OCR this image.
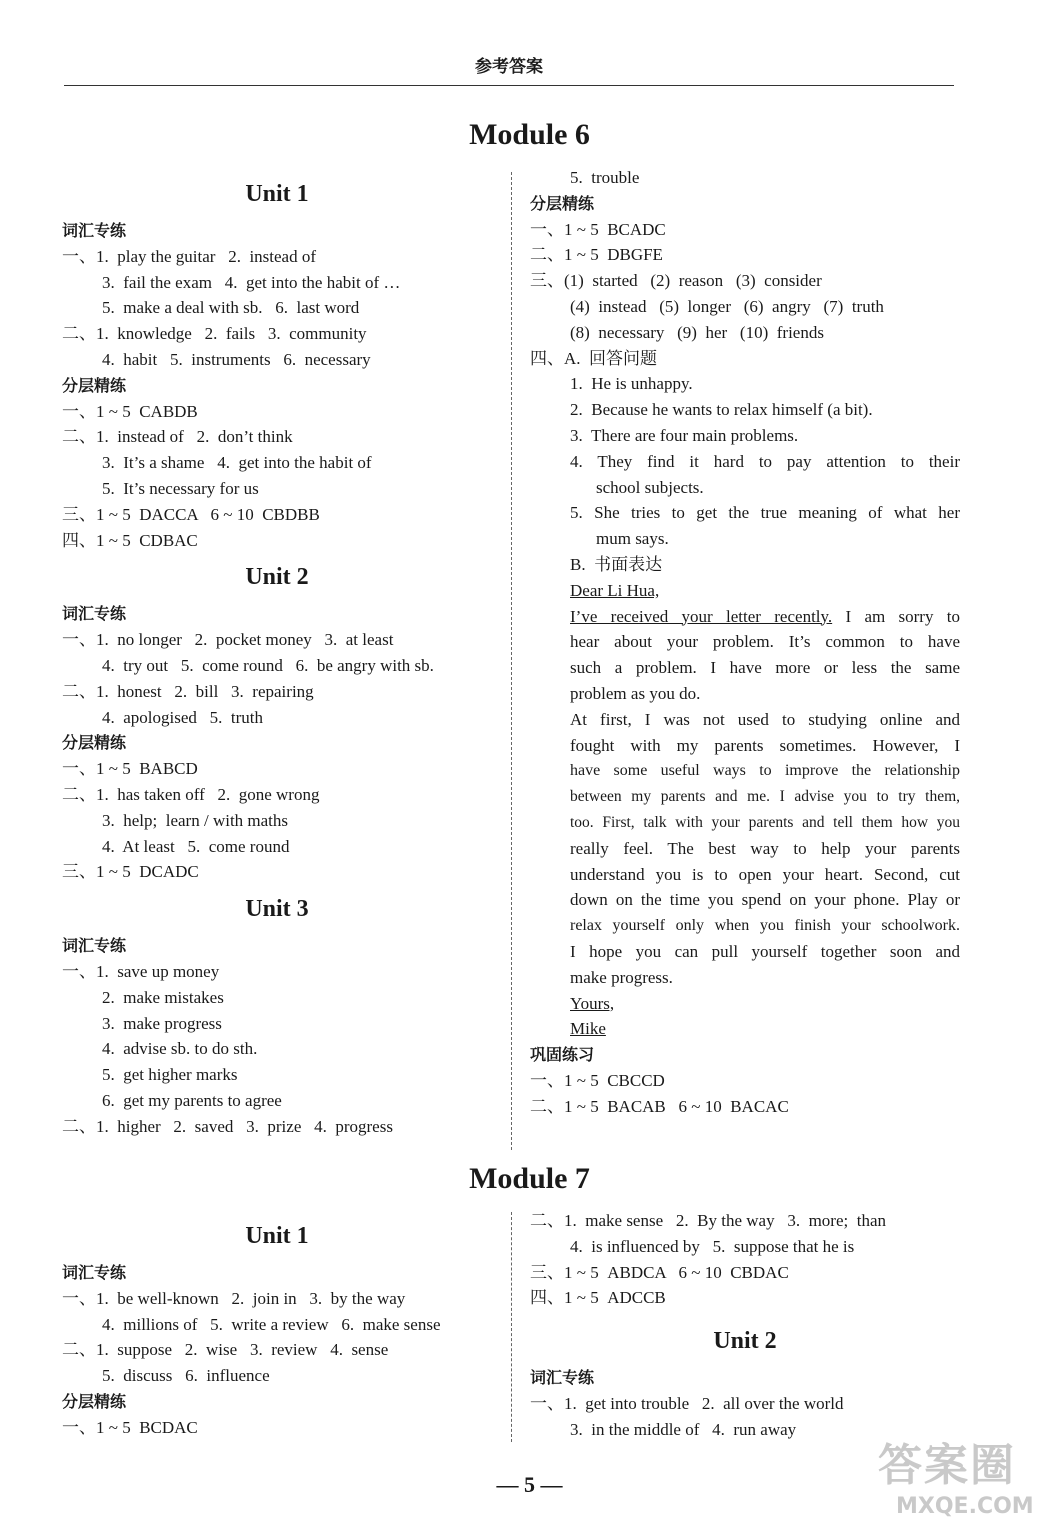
参考答案
Module 6
Unit 1
词汇专练
一、1.  play the guitar   2.  instead of
3.  fail the exam   4.  get into the habit of …
5.  make a deal with sb.   6.  last word
二、1.  knowledge   2.  fails   3.  community
4.  habit   5.  instruments   6.  necessary
分层精练
一、1 ~ 5  CABDB
二、1.  instead of   2.  don’t think
3.  It’s a shame   4.  get into the habit of
5.  It’s necessary for us
三、1 ~ 5  DACCA   6 ~ 10  CBDBB
四、1 ~ 5  CDBAC
Unit 2
词汇专练
一、1.  no longer   2.  pocket money   3.  at least
4.  try out   5.  come round   6.  be angry with sb.
二、1.  honest   2.  bill   3.  repairing
4.  apologised   5.  truth
分层精练
一、1 ~ 5  BABCD
二、1.  has taken off   2.  gone wrong
3.  help;  learn / with maths
4.  At least   5.  come round
三、1 ~ 5  DCADC
Unit 3
词汇专练
一、1.  save up money
2.  make mistakes
3.  make progress
4.  advise sb. to do sth.
5.  get higher marks
6.  get my parents to agree
二、1.  higher   2.  saved   3.  prize   4.  progress
5.  trouble
分层精练
一、1 ~ 5  BCADC
二、1 ~ 5  DBGFE
三、(1)  started   (2)  reason   (3)  consider
(4)  instead   (5)  longer   (6)  angry   (7)  truth
(8)  necessary   (9)  her   (10)  friends
四、A.  回答问题
1.  He is unhappy.
2.  Because he wants to relax himself (a bit).
3.  There are four main problems.
4. They find it hard to pay attention to their
school subjects.
5. She tries to get the true meaning of what her
mum says.
B.  书面表达
Dear Li Hua,
I’ve received your letter recently. I am sorry to
hear about your problem. It’s common to have
such a problem. I have more or less the same
problem as you do.
At first, I was not used to studying online and
fought with my parents sometimes. However, I
have some useful ways to improve the relationship
between my parents and me. I advise you to try them,
too. First, talk with your parents and tell them how you
really feel. The best way to help your parents
understand you is to open your heart. Second, cut
down on the time you spend on your phone. Play or
relax yourself only when you finish your schoolwork.
I hope you can pull yourself together soon and
make progress.
Yours,
Mike
巩固练习
一、1 ~ 5  CBCCD
二、1 ~ 5  BACAB   6 ~ 10  BACAC
Module 7
Unit 1
词汇专练
一、1.  be well-known   2.  join in   3.  by the way
4.  millions of   5.  write a review   6.  make sense
二、1.  suppose   2.  wise   3.  review   4.  sense
5.  discuss   6.  influence
分层精练
一、1 ~ 5  BCDAC
二、1.  make sense   2.  By the way   3.  more;  than
4.  is influenced by   5.  suppose that he is
三、1 ~ 5  ABDCA   6 ~ 10  CBDAC
四、1 ~ 5  ADCCB
Unit 2
词汇专练
一、1.  get into trouble   2.  all over the world
3.  in the middle of   4.  run away
— 5 —	答案圈
MXQE.COM
